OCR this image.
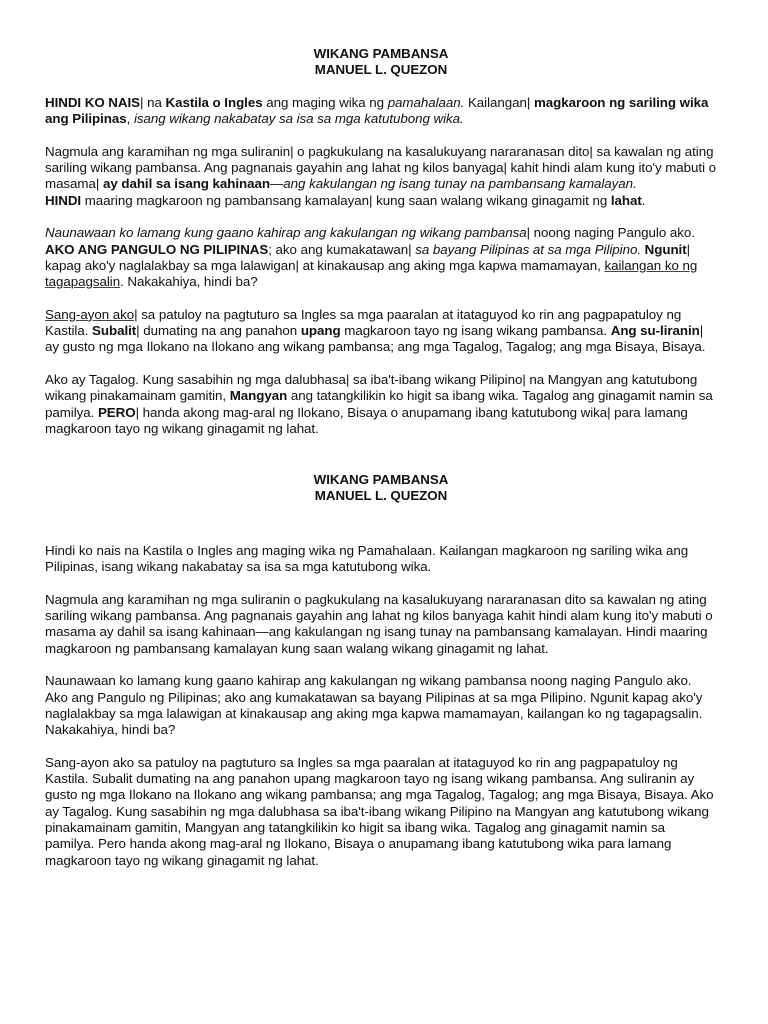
WIKANG PAMBANSA
MANUEL L. QUEZON

HINDI KO NAIS| na Kastila o Ingles ang maging wika ng pamahalaan. Kailangan| magkaroon ng sariling wika ang Pilipinas, isang wikang nakabatay sa isa sa mga katutubong wika.

Nagmula ang karamihan ng mga suliranin| o pagkukulang na kasalukuyang nararanasan dito| sa kawalan ng ating sariling wikang pambansa. Ang pagnanais gayahin ang lahat ng kilos banyaga| kahit hindi alam kung ito'y mabuti o masama| ay dahil sa isang kahinaan—ang kakulangan ng isang tunay na pambansang kamalayan.
HINDI maaring magkaroon ng pambansang kamalayan| kung saan walang wikang ginagamit ng lahat.

Naunawaan ko lamang kung gaano kahirap ang kakulangan ng wikang pambansa| noong naging Pangulo ako.
AKO ANG PANGULO NG PILIPINAS; ako ang kumakatawan| sa bayang Pilipinas at sa mga Pilipino. Ngunit| kapag ako'y naglalakbay sa mga lalawigan| at kinakausap ang aking mga kapwa mamamayan, kailangan ko ng tagapagsalin. Nakakahiya, hindi ba?

Sang-ayon ako| sa patuloy na pagtuturo sa Ingles sa mga paaralan at itataguyod ko rin ang pagpapatuloy ng Kastila. Subalit| dumating na ang panahon upang magkaroon tayo ng isang wikang pambansa. Ang su-liranin| ay gusto ng mga Ilokano na Ilokano ang wikang pambansa; ang mga Tagalog, Tagalog; ang mga Bisaya, Bisaya.

Ako ay Tagalog. Kung sasabihin ng mga dalubhasa| sa iba't-ibang wikang Pilipino| na Mangyan ang katutubong wikang pinakamainam gamitin, Mangyan ang tatangkilikin ko higit sa ibang wika. Tagalog ang ginagamit namin sa pamilya. PERO| handa akong mag-aral ng Ilokano, Bisaya o anupamang ibang katutubong wika| para lamang magkaroon tayo ng wikang ginagamit ng lahat.

WIKANG PAMBANSA
MANUEL L. QUEZON

Hindi ko nais na Kastila o Ingles ang maging wika ng Pamahalaan. Kailangan magkaroon ng sariling wika ang Pilipinas, isang wikang nakabatay sa isa sa mga katutubong wika.

Nagmula ang karamihan ng mga suliranin o pagkukulang na kasalukuyang nararanasan dito sa kawalan ng ating sariling wikang pambansa. Ang pagnanais gayahin ang lahat ng kilos banyaga kahit hindi alam kung ito'y mabuti o masama ay dahil sa isang kahinaan—ang kakulangan ng isang tunay na pambansang kamalayan. Hindi maaring magkaroon ng pambansang kamalayan kung saan walang wikang ginagamit ng lahat.

Naunawaan ko lamang kung gaano kahirap ang kakulangan ng wikang pambansa noong naging Pangulo ako. Ako ang Pangulo ng Pilipinas; ako ang kumakatawan sa bayang Pilipinas at sa mga Pilipino. Ngunit kapag ako'y naglalakbay sa mga lalawigan at kinakausap ang aking mga kapwa mamamayan, kailangan ko ng tagapagsalin. Nakakahiya, hindi ba?

Sang-ayon ako sa patuloy na pagtuturo sa Ingles sa mga paaralan at itataguyod ko rin ang pagpapatuloy ng Kastila. Subalit dumating na ang panahon upang magkaroon tayo ng isang wikang pambansa. Ang suliranin ay gusto ng mga Ilokano na Ilokano ang wikang pambansa; ang mga Tagalog, Tagalog; ang mga Bisaya, Bisaya. Ako ay Tagalog. Kung sasabihin ng mga dalubhasa sa iba't-ibang wikang Pilipino na Mangyan ang katutubong wikang pinakamainam gamitin, Mangyan ang tatangkilikin ko higit sa ibang wika. Tagalog ang ginagamit namin sa pamilya. Pero handa akong mag-aral ng Ilokano, Bisaya o anupamang ibang katutubong wika para lamang magkaroon tayo ng wikang ginagamit ng lahat.
